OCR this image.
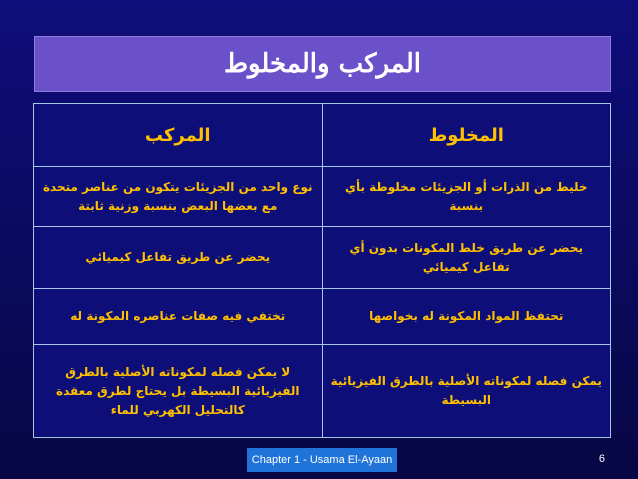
المركب والمخلوط
المركب	المخلوط
نوع واحد من الجزيئات يتكون من عناصر متحدة مع بعضها البعض بنسبة وزنية ثابتة	خليط من الذرات أو الجزيئات مخلوطة بأي بنسبة
يحضر عن طريق تفاعل كيميائي	يحضر عن طريق خلط المكونات بدون أي تفاعل كيميائي
تختفي فيه صفات عناصره المكونة له	تحتفظ المواد المكونة له بخواصها
لا يمكن فصله لمكوناته الأصلية بالطرق الفيزيائية البسيطة بل يحتاج لطرق معقدة كالتحليل الكهربي للماء	يمكن فصله لمكوناته الأصلية بالطرق الفيزيائية البسيطة
Chapter 1 - Usama El-Ayaan	6
